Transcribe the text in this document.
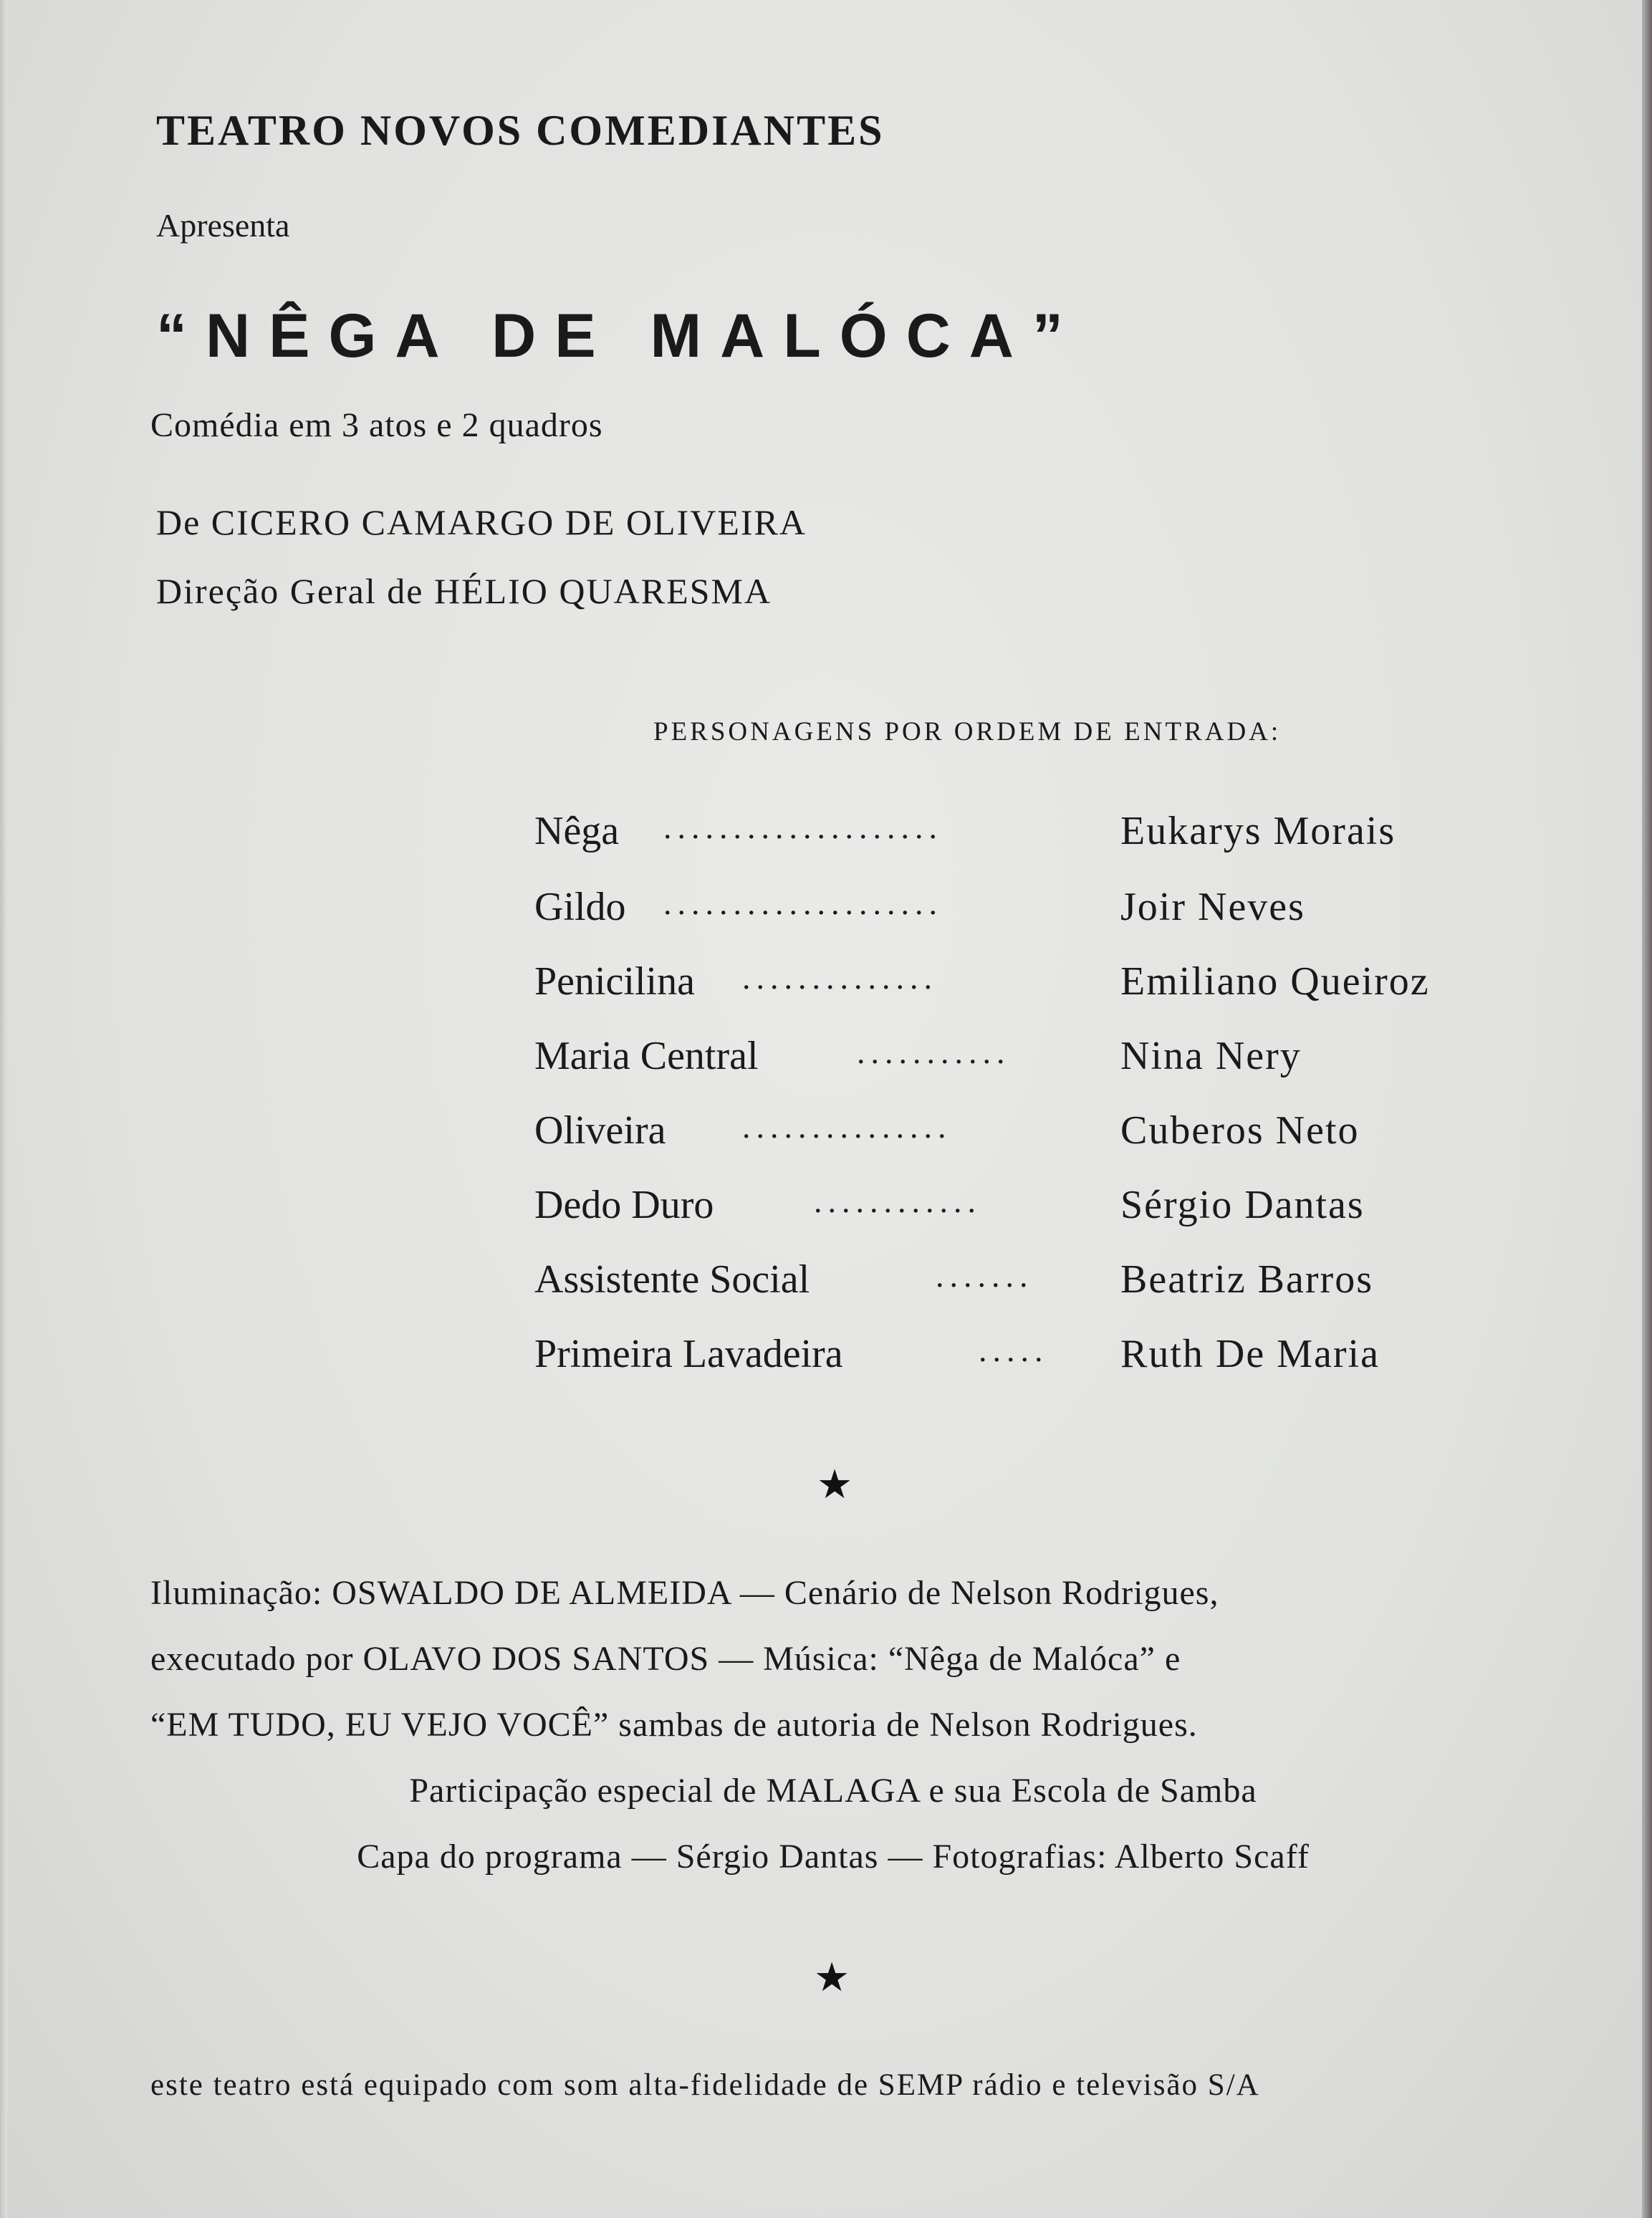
TEATRO NOVOS COMEDIANTES
Apresenta
“NÊGA DE MALÓCA”
Comédia em 3 atos e 2 quadros
De CICERO CAMARGO DE OLIVEIRA
Direção Geral de HÉLIO QUARESMA
PERSONAGENS POR ORDEM DE ENTRADA:
Nêga ....................	Eukarys Morais
Gildo ....................	Joir Neves
Penicilina ..............	Emiliano Queiroz
Maria Central	...........	Nina Nery
Oliveira ...............	Cuberos Neto
Dedo Duro	............	Sérgio Dantas
Assistente Social	....... Beatriz Barros
Primeira Lavadeira	..... Ruth De Maria
★
Iluminação: OSWALDO DE ALMEIDA — Cenário de Nelson Rodrigues,
executado por OLAVO DOS SANTOS — Música: “Nêga de Malóca” e
“EM TUDO, EU VEJO VOCÊ” sambas de autoria de Nelson Rodrigues.
Participação especial de MALAGA e sua Escola de Samba
Capa do programa — Sérgio Dantas — Fotografias: Alberto Scaff
★
este teatro está equipado com som alta-fidelidade de SEMP rádio e televisão S/A
